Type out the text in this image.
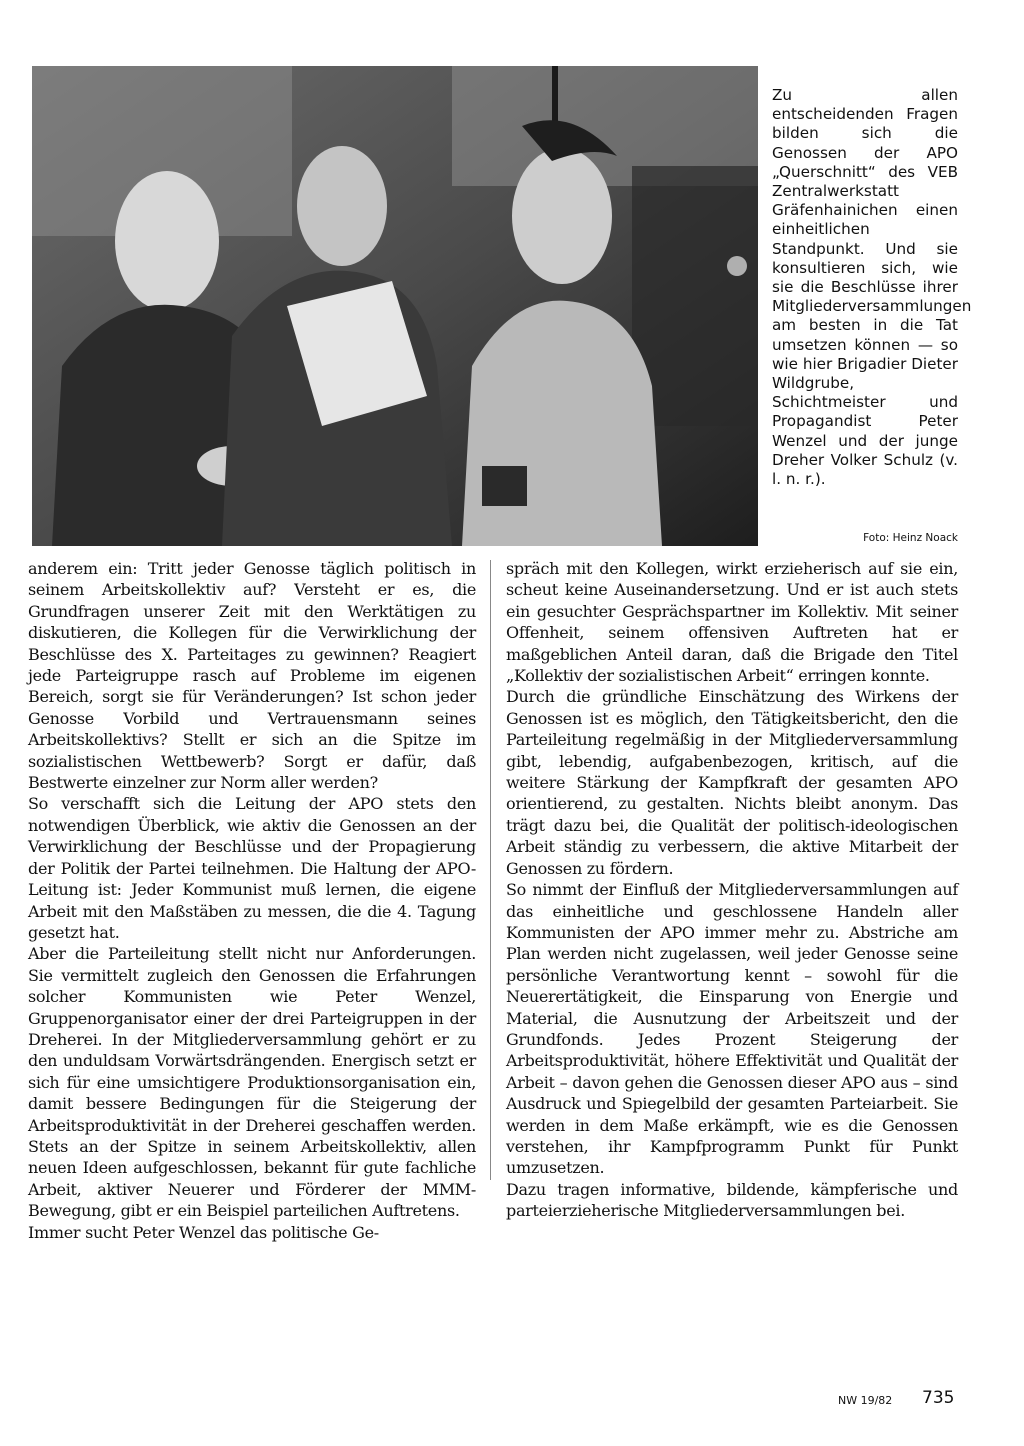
Zu allen entscheidenden Fragen bilden sich die Genossen der APO „Querschnitt“ des VEB Zentralwerkstatt Gräfenhainichen einen einheitlichen Standpunkt. Und sie konsultieren sich, wie sie die Beschlüsse ihrer Mitgliederversammlungen am besten in die Tat umsetzen können — so wie hier Brigadier Dieter Wildgrube, Schichtmeister und Propagandist Peter Wenzel und der junge Dreher Volker Schulz (v. l. n. r.).
Foto: Heinz Noack

anderem ein: Tritt jeder Genosse täglich politisch in seinem Arbeitskollektiv auf? Versteht er es, die Grundfragen unserer Zeit mit den Werktätigen zu diskutieren, die Kollegen für die Verwirklichung der Beschlüsse des X. Parteitages zu gewinnen? Reagiert jede Parteigruppe rasch auf Probleme im eigenen Bereich, sorgt sie für Veränderungen? Ist schon jeder Genosse Vorbild und Vertrauensmann seines Arbeitskollektivs? Stellt er sich an die Spitze im sozialistischen Wettbewerb? Sorgt er dafür, daß Bestwerte einzelner zur Norm aller werden?

So verschafft sich die Leitung der APO stets den notwendigen Überblick, wie aktiv die Genossen an der Verwirklichung der Beschlüsse und der Propagierung der Politik der Partei teilnehmen. Die Haltung der APO-Leitung ist: Jeder Kommunist muß lernen, die eigene Arbeit mit den Maßstäben zu messen, die die 4. Tagung gesetzt hat.

Aber die Parteileitung stellt nicht nur Anforderungen. Sie vermittelt zugleich den Genossen die Erfahrungen solcher Kommunisten wie Peter Wenzel, Gruppenorganisator einer der drei Parteigruppen in der Dreherei. In der Mitgliederversammlung gehört er zu den unduldsam Vorwärtsdrängenden. Energisch setzt er sich für eine umsichtigere Produktionsorganisation ein, damit bessere Bedingungen für die Steigerung der Arbeitsproduktivität in der Dreherei geschaffen werden. Stets an der Spitze in seinem Arbeitskollektiv, allen neuen Ideen aufgeschlossen, bekannt für gute fachliche Arbeit, aktiver Neuerer und Förderer der MMM-Bewegung, gibt er ein Beispiel parteilichen Auftretens.

Immer sucht Peter Wenzel das politische Ge-

spräch mit den Kollegen, wirkt erzieherisch auf sie ein, scheut keine Auseinandersetzung. Und er ist auch stets ein gesuchter Gesprächspartner im Kollektiv. Mit seiner Offenheit, seinem offensiven Auftreten hat er maßgeblichen Anteil daran, daß die Brigade den Titel „Kollektiv der sozialistischen Arbeit“ erringen konnte.

Durch die gründliche Einschätzung des Wirkens der Genossen ist es möglich, den Tätigkeitsbericht, den die Parteileitung regelmäßig in der Mitgliederversammlung gibt, lebendig, aufgabenbezogen, kritisch, auf die weitere Stärkung der Kampfkraft der gesamten APO orientierend, zu gestalten. Nichts bleibt anonym. Das trägt dazu bei, die Qualität der politisch-ideologischen Arbeit ständig zu verbessern, die aktive Mitarbeit der Genossen zu fördern.

So nimmt der Einfluß der Mitgliederversammlungen auf das einheitliche und geschlossene Handeln aller Kommunisten der APO immer mehr zu. Abstriche am Plan werden nicht zugelassen, weil jeder Genosse seine persönliche Verantwortung kennt – sowohl für die Neuerertätigkeit, die Einsparung von Energie und Material, die Ausnutzung der Arbeitszeit und der Grundfonds. Jedes Prozent Steigerung der Arbeitsproduktivität, höhere Effektivität und Qualität der Arbeit – davon gehen die Genossen dieser APO aus – sind Ausdruck und Spiegelbild der gesamten Parteiarbeit. Sie werden in dem Maße erkämpft, wie es die Genossen verstehen, ihr Kampfprogramm Punkt für Punkt umzusetzen.

Dazu tragen informative, bildende, kämpferische und parteierzieherische Mitgliederversammlungen bei.

NW 19/82 735
